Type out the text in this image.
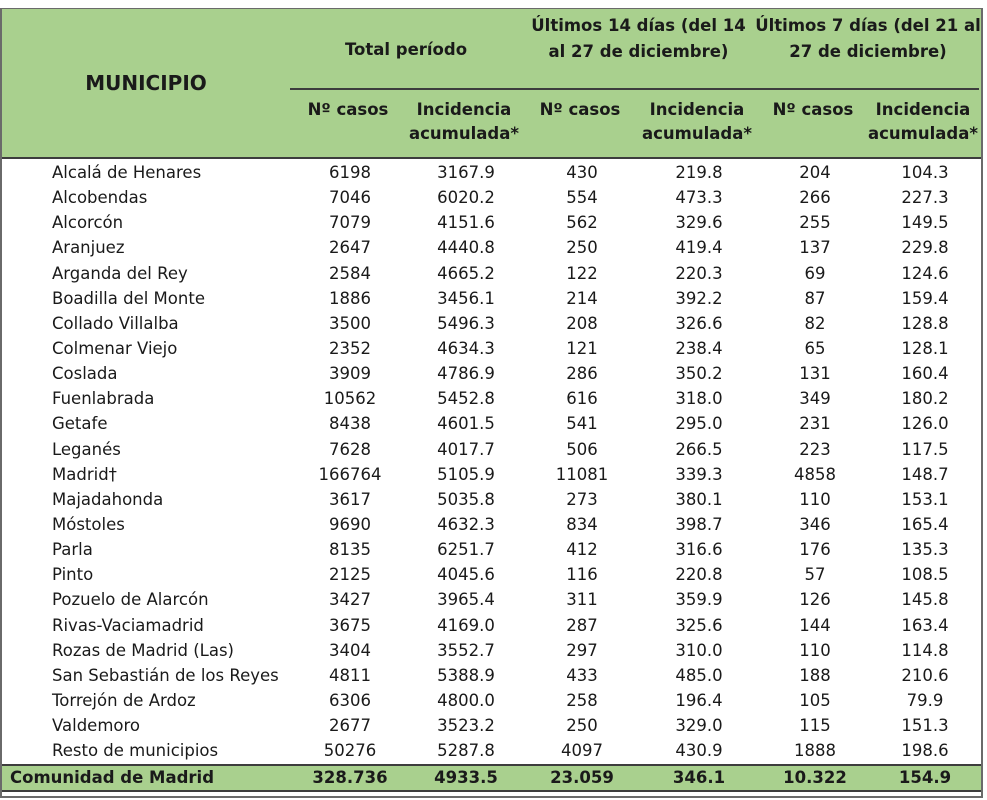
MUNICIPIO
Total período
Últimos 14 días (del 14 al 27 de diciembre)
Últimos 7 días (del 21 al 27 de diciembre)
Nº casos	Incidencia acumulada*
Nº casos	Incidencia acumulada*
Nº casos	Incidencia acumulada*
Alcalá de Henares	6198	3167.9	430	219.8	204	104.3
Alcobendas	7046	6020.2	554	473.3	266	227.3
Alcorcón	7079	4151.6	562	329.6	255	149.5
Aranjuez	2647	4440.8	250	419.4	137	229.8
Arganda del Rey	2584	4665.2	122	220.3	69	124.6
Boadilla del Monte	1886	3456.1	214	392.2	87	159.4
Collado Villalba	3500	5496.3	208	326.6	82	128.8
Colmenar Viejo	2352	4634.3	121	238.4	65	128.1
Coslada	3909	4786.9	286	350.2	131	160.4
Fuenlabrada	10562	5452.8	616	318.0	349	180.2
Getafe	8438	4601.5	541	295.0	231	126.0
Leganés	7628	4017.7	506	266.5	223	117.5
Madrid†	166764	5105.9	11081	339.3	4858	148.7
Majadahonda	3617	5035.8	273	380.1	110	153.1
Móstoles	9690	4632.3	834	398.7	346	165.4
Parla	8135	6251.7	412	316.6	176	135.3
Pinto	2125	4045.6	116	220.8	57	108.5
Pozuelo de Alarcón	3427	3965.4	311	359.9	126	145.8
Rivas-Vaciamadrid	3675	4169.0	287	325.6	144	163.4
Rozas de Madrid (Las)	3404	3552.7	297	310.0	110	114.8
San Sebastián de los Reyes	4811	5388.9	433	485.0	188	210.6
Torrejón de Ardoz	6306	4800.0	258	196.4	105	79.9
Valdemoro	2677	3523.2	250	329.0	115	151.3
Resto de municipios	50276	5287.8	4097	430.9	1888	198.6
Comunidad de Madrid	328.736	4933.5	23.059	346.1	10.322	154.9
